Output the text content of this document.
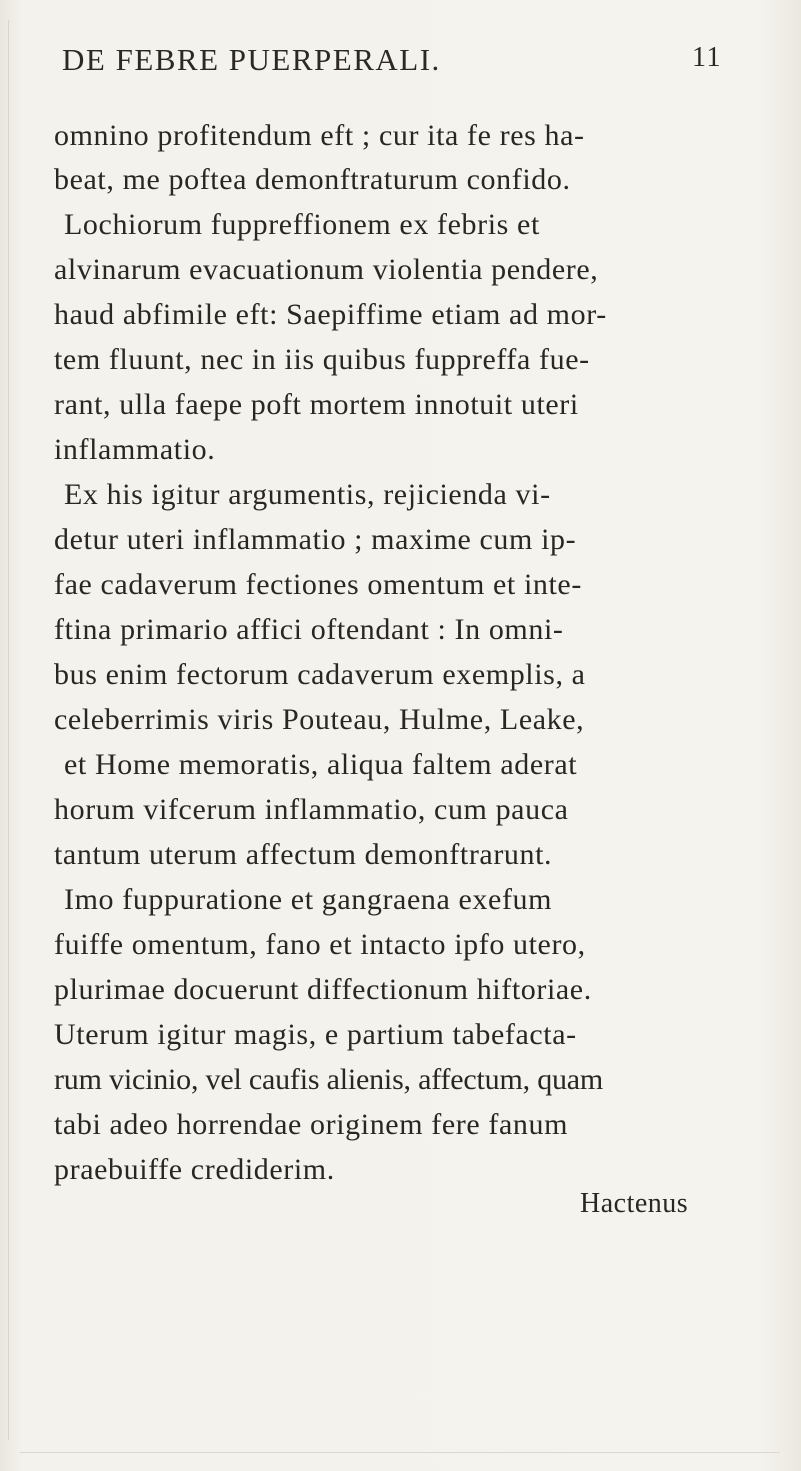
DE FEBRE PUERPERALI.	11
omnino profitendum eft ; cur ita fe res ha-
beat, me poftea demonftraturum confido.
Lochiorum fuppreffionem ex febris et
alvinarum evacuationum violentia pendere,
haud abfimile eft: Saepiffime etiam ad mor-
tem fluunt, nec in iis quibus fuppreffa fue-
rant, ulla faepe poft mortem innotuit uteri
inflammatio.
Ex his igitur argumentis, rejicienda vi-
detur uteri inflammatio ; maxime cum ip-
fae cadaverum fectiones omentum et inte-
ftina primario affici oftendant : In omni-
bus enim fectorum cadaverum exemplis, a
celeberrimis viris Pouteau, Hulme, Leake,
et Home memoratis, aliqua faltem aderat
horum vifcerum inflammatio, cum pauca
tantum uterum affectum demonftrarunt.
Imo fuppuratione et gangraena exefum
fuiffe omentum, fano et intacto ipfo utero,
plurimae docuerunt diffectionum hiftoriae.
Uterum igitur magis, e partium tabefacta-
rum vicinio, vel caufis alienis, affectum, quam
tabi adeo horrendae originem fere fanum
praebuiffe crediderim.
Hactenus
